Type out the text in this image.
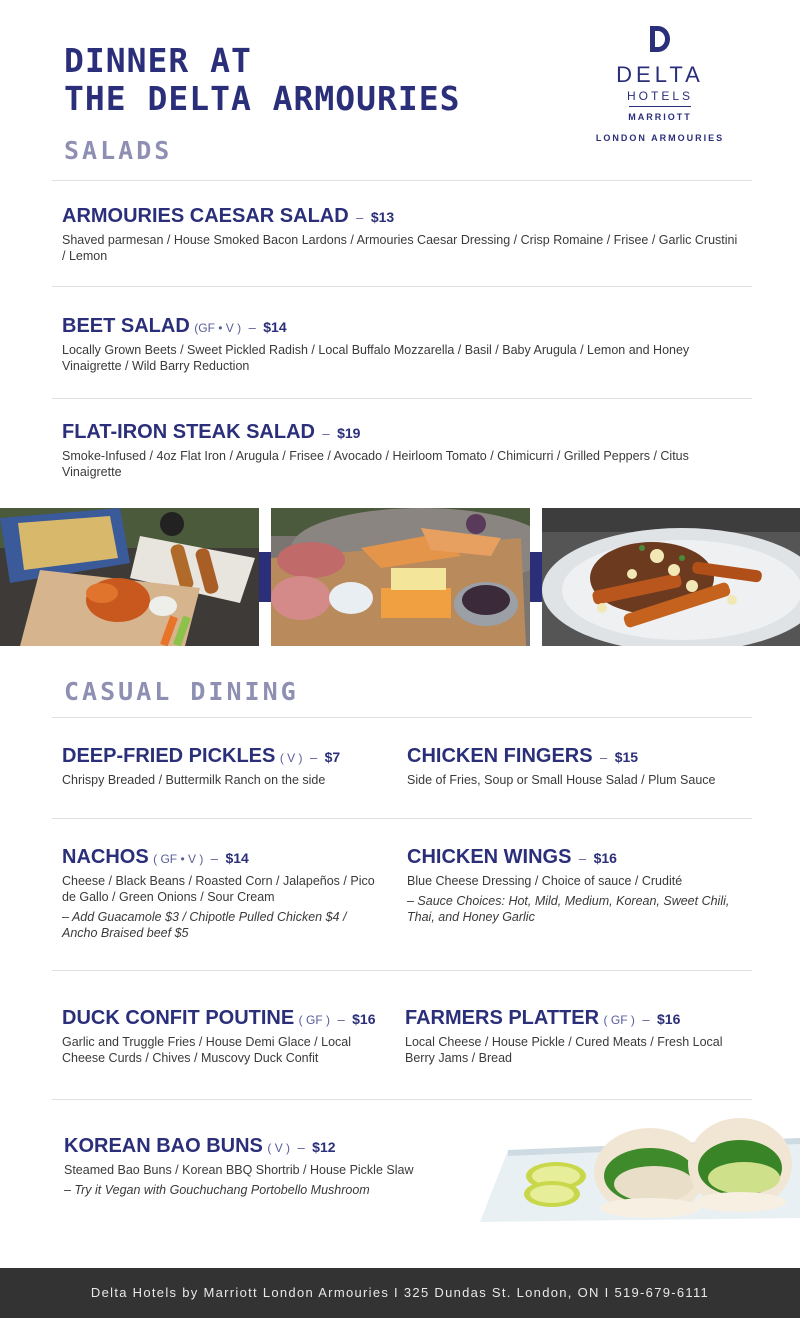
DINNER AT
THE DELTA ARMOURIES
DELTA
HOTELS
MARRIOTT
LONDON ARMOURIES
SALADS
ARMOURIES CAESAR SALAD – $13
Shaved parmesan / House Smoked Bacon Lardons / Armouries Caesar Dressing / Crisp Romaine / Frisee / Garlic Crustini / Lemon
BEET SALAD (GF • V ) – $14
Locally Grown Beets / Sweet Pickled Radish / Local Buffalo Mozzarella / Basil / Baby Arugula / Lemon and Honey Vinaigrette / Wild Barry Reduction
FLAT-IRON STEAK SALAD – $19
Smoke-Infused / 4oz Flat Iron / Arugula / Frisee / Avocado / Heirloom Tomato / Chimicurri / Grilled Peppers / Citus Vinaigrette
CASUAL DINING
DEEP-FRIED PICKLES ( V ) – $7
Chrispy Breaded / Buttermilk Ranch on the side
CHICKEN FINGERS – $15
Side of Fries, Soup or Small House Salad / Plum Sauce
NACHOS ( GF • V ) – $14
Cheese / Black Beans / Roasted Corn / Jalapeños / Pico de Gallo / Green Onions / Sour Cream
– Add Guacamole $3 / Chipotle Pulled Chicken $4 / Ancho Braised beef $5
CHICKEN WINGS – $16
Blue Cheese Dressing / Choice of sauce / Crudité
– Sauce Choices: Hot, Mild, Medium, Korean, Sweet Chili, Thai, and Honey Garlic
DUCK CONFIT POUTINE ( GF ) – $16
Garlic and Truggle Fries / House Demi Glace / Local Cheese Curds / Chives / Muscovy Duck Confit
FARMERS PLATTER ( GF ) – $16
Local Cheese / House Pickle / Cured Meats / Fresh Local Berry Jams / Bread
KOREAN BAO BUNS ( V ) – $12
Steamed Bao Buns / Korean BBQ Shortrib / House Pickle Slaw
– Try it Vegan with Gouchuchang Portobello Mushroom
Delta Hotels by Marriott London Armouries I 325 Dundas St. London, ON I 519-679-6111
